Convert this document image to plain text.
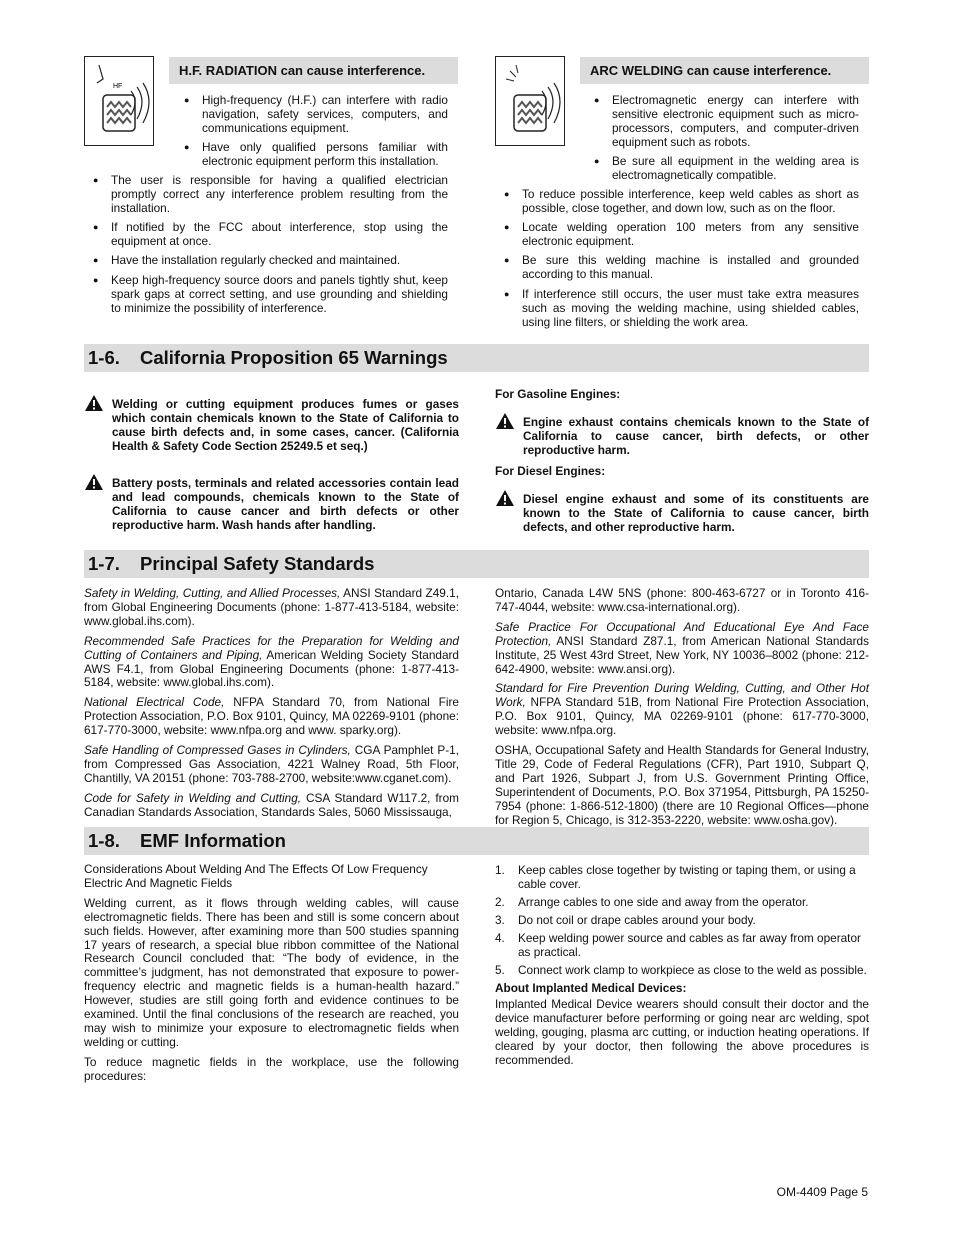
HF
H.F. RADIATION can cause interference.
● High-frequency (H.F.) can interfere with radio navigation, safety services, computers, and communications equipment.
● Have only qualified persons familiar with electronic equipment perform this installation.
● The user is responsible for having a qualified electrician promptly correct any interference problem resulting from the installation.
● If notified by the FCC about interference, stop using the equipment at once.
● Have the installation regularly checked and maintained.
● Keep high-frequency source doors and panels tightly shut, keep spark gaps at correct setting, and use grounding and shielding to minimize the possibility of interference.
ARC WELDING can cause interference.
● Electromagnetic energy can interfere with sensitive electronic equipment such as micro-processors, computers, and computer-driven equipment such as robots.
● Be sure all equipment in the welding area is electromagnetically compatible.
● To reduce possible interference, keep weld cables as short as possible, close together, and down low, such as on the floor.
● Locate welding operation 100 meters from any sensitive electronic equipment.
● Be sure this welding machine is installed and grounded according to this manual.
● If interference still occurs, the user must take extra measures such as moving the welding machine, using shielded cables, using line filters, or shielding the work area.
1-6. California Proposition 65 Warnings
Welding or cutting equipment produces fumes or gases which contain chemicals known to the State of California to cause birth defects and, in some cases, cancer. (California Health & Safety Code Section 25249.5 et seq.)
Battery posts, terminals and related accessories contain lead and lead compounds, chemicals known to the State of California to cause cancer and birth defects or other reproductive harm. Wash hands after handling.
For Gasoline Engines:
Engine exhaust contains chemicals known to the State of California to cause cancer, birth defects, or other reproductive harm.
For Diesel Engines:
Diesel engine exhaust and some of its constituents are known to the State of California to cause cancer, birth defects, and other reproductive harm.
1-7. Principal Safety Standards

Safety in Welding, Cutting, and Allied Processes, ANSI Standard Z49.1, from Global Engineering Documents (phone: 1-877-413-5184, website: www.global.ihs.com).

Recommended Safe Practices for the Preparation for Welding and Cutting of Containers and Piping, American Welding Society Standard AWS F4.1, from Global Engineering Documents (phone: 1-877-413-5184, website: www.global.ihs.com).

National Electrical Code, NFPA Standard 70, from National Fire Protection Association, P.O. Box 9101, Quincy, MA 02269-9101 (phone: 617-770-3000, website: www.nfpa.org and www. sparky.org).

Safe Handling of Compressed Gases in Cylinders, CGA Pamphlet P-1, from Compressed Gas Association, 4221 Walney Road, 5th Floor, Chantilly, VA 20151 (phone: 703-788-2700, website:www.cganet.com).

Code for Safety in Welding and Cutting, CSA Standard W117.2, from Canadian Standards Association, Standards Sales, 5060 Mississauga,

Ontario, Canada L4W 5NS (phone: 800-463-6727 or in Toronto 416-747-4044, website: www.csa-international.org).

Safe Practice For Occupational And Educational Eye And Face Protection, ANSI Standard Z87.1, from American National Standards Institute, 25 West 43rd Street, New York, NY 10036–8002 (phone: 212-642-4900, website: www.ansi.org).

Standard for Fire Prevention During Welding, Cutting, and Other Hot Work, NFPA Standard 51B, from National Fire Protection Association, P.O. Box 9101, Quincy, MA 02269-9101 (phone: 617-770-3000, website: www.nfpa.org.

OSHA, Occupational Safety and Health Standards for General Industry, Title 29, Code of Federal Regulations (CFR), Part 1910, Subpart Q, and Part 1926, Subpart J, from U.S. Government Printing Office, Superintendent of Documents, P.O. Box 371954, Pittsburgh, PA 15250-7954 (phone: 1-866-512-1800) (there are 10 Regional Offices—phone for Region 5, Chicago, is 312-353-2220, website: www.osha.gov).

1-8. EMF Information

Considerations About Welding And The Effects Of Low Frequency Electric And Magnetic Fields

Welding current, as it flows through welding cables, will cause electromagnetic fields. There has been and still is some concern about such fields. However, after examining more than 500 studies spanning 17 years of research, a special blue ribbon committee of the National Research Council concluded that: “The body of evidence, in the committee’s judgment, has not demonstrated that exposure to power-frequency electric and magnetic fields is a human-health hazard.” However, studies are still going forth and evidence continues to be examined. Until the final conclusions of the research are reached, you may wish to minimize your exposure to electromagnetic fields when welding or cutting.

To reduce magnetic fields in the workplace, use the following procedures:

1. Keep cables close together by twisting or taping them, or using a cable cover.
2. Arrange cables to one side and away from the operator.
3. Do not coil or drape cables around your body.
4. Keep welding power source and cables as far away from operator as practical.
5. Connect work clamp to workpiece as close to the weld as possible.
About Implanted Medical Devices:

Implanted Medical Device wearers should consult their doctor and the device manufacturer before performing or going near arc welding, spot welding, gouging, plasma arc cutting, or induction heating operations. If cleared by your doctor, then following the above procedures is recommended.

OM-4409 Page 5
